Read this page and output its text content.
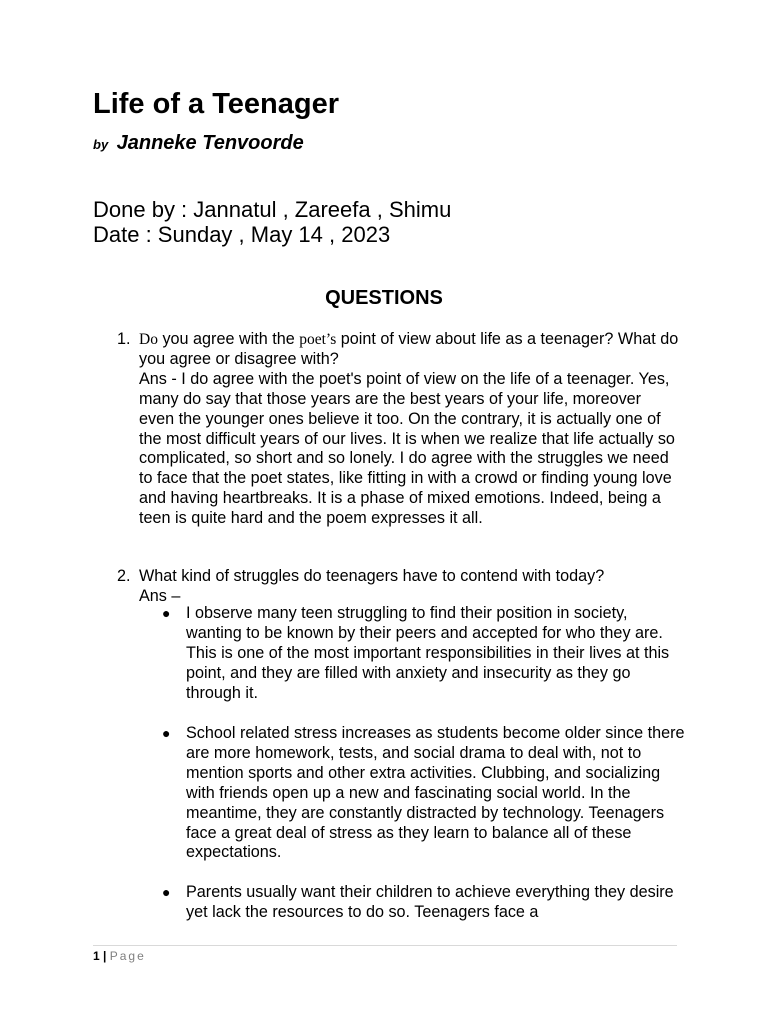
Life of a Teenager
by Janneke Tenvoorde
Done by : Jannatul , Zareefa , Shimu
Date : Sunday , May 14 , 2023
QUESTIONS
1. Do you agree with the poet’s point of view about life as a teenager? What do you agree or disagree with?

Ans - I do agree with the poet's point of view on the life of a teenager. Yes, many do say that those years are the best years of your life, moreover even the younger ones believe it too. On the contrary, it is actually one of the most difficult years of our lives. It is when we realize that life actually so complicated, so short and so lonely. I do agree with the struggles we need to face that the poet states, like fitting in with a crowd or finding young love and having heartbreaks. It is a phase of mixed emotions. Indeed, being a teen is quite hard and the poem expresses it all.

2. What kind of struggles do teenagers have to contend with today?

Ans –

● I observe many teen struggling to find their position in society, wanting to be known by their peers and accepted for who they are. This is one of the most important responsibilities in their lives at this point, and they are filled with anxiety and insecurity as they go through it.
● School related stress increases as students become older since there are more homework, tests, and social drama to deal with, not to mention sports and other extra activities. Clubbing, and socializing with friends open up a new and fascinating social world. In the meantime, they are constantly distracted by technology. Teenagers face a great deal of stress as they learn to balance all of these expectations.
● Parents usually want their children to achieve everything they desire yet lack the resources to do so. Teenagers face a
1 | Page
